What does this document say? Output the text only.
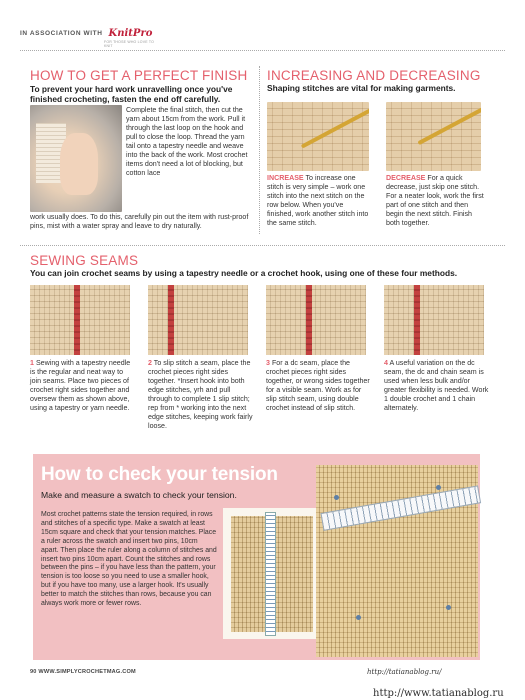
IN ASSOCIATION WITH KnitPro
FOR THOSE WHO LOVE TO KNIT
HOW TO GET A PERFECT FINISH

To prevent your hard work unravelling once you've finished crocheting, fasten the end off carefully.

Complete the final stitch, then cut the yarn about 15cm from the work. Pull it through the last loop on the hook and pull to close the loop. Thread the yarn tail onto a tapestry needle and weave into the back of the work. Most crochet items don't need a lot of blocking, but cotton lace

work usually does. To do this, carefully pin out the item with rust-proof pins, mist with a water spray and leave to dry naturally.

INCREASING AND DECREASING

Shaping stitches are vital for making garments.

INCREASE To increase one stitch is very simple – work one stitch into the next stitch on the row below. When you've finished, work another stitch into the same stitch.

DECREASE For a quick decrease, just skip one stitch. For a neater look, work the first part of one stitch and then begin the next stitch. Finish both together.

SEWING SEAMS

You can join crochet seams by using a tapestry needle or a crochet hook, using one of these four methods.

1 Sewing with a tapestry needle is the regular and neat way to join seams. Place two pieces of crochet right sides together and oversew them as shown above, using a tapestry or yarn needle.

2 To slip stitch a seam, place the crochet pieces right sides together. *Insert hook into both edge stitches, yrh and pull through to complete 1 slip stitch; rep from * working into the next edge stitches, keeping work fairly loose.

3 For a dc seam, place the crochet pieces right sides together, or wrong sides together for a visible seam. Work as for slip stitch seam, using double crochet instead of slip stitch.

4 A useful variation on the dc seam, the dc and chain seam is used when less bulk and/or greater flexibility is needed. Work 1 double crochet and 1 chain alternately.

How to check your tension

Make and measure a swatch to check your tension.

Most crochet patterns state the tension required, in rows and stitches of a specific type. Make a swatch at least 15cm square and check that your tension matches. Place a ruler across the swatch and insert two pins, 10cm apart. Then place the ruler along a column of stitches and insert two pins 10cm apart. Count the stitches and rows between the pins – if you have less than the pattern, your tension is too loose so you need to use a smaller hook, but if you have too many, use a larger hook. It's usually better to match the stitches than rows, because you can always work more or fewer rows.

90 WWW.SIMPLYCROCHETMAG.COM	http://tatianablog.ru/
http://www.tatianablog.ru
